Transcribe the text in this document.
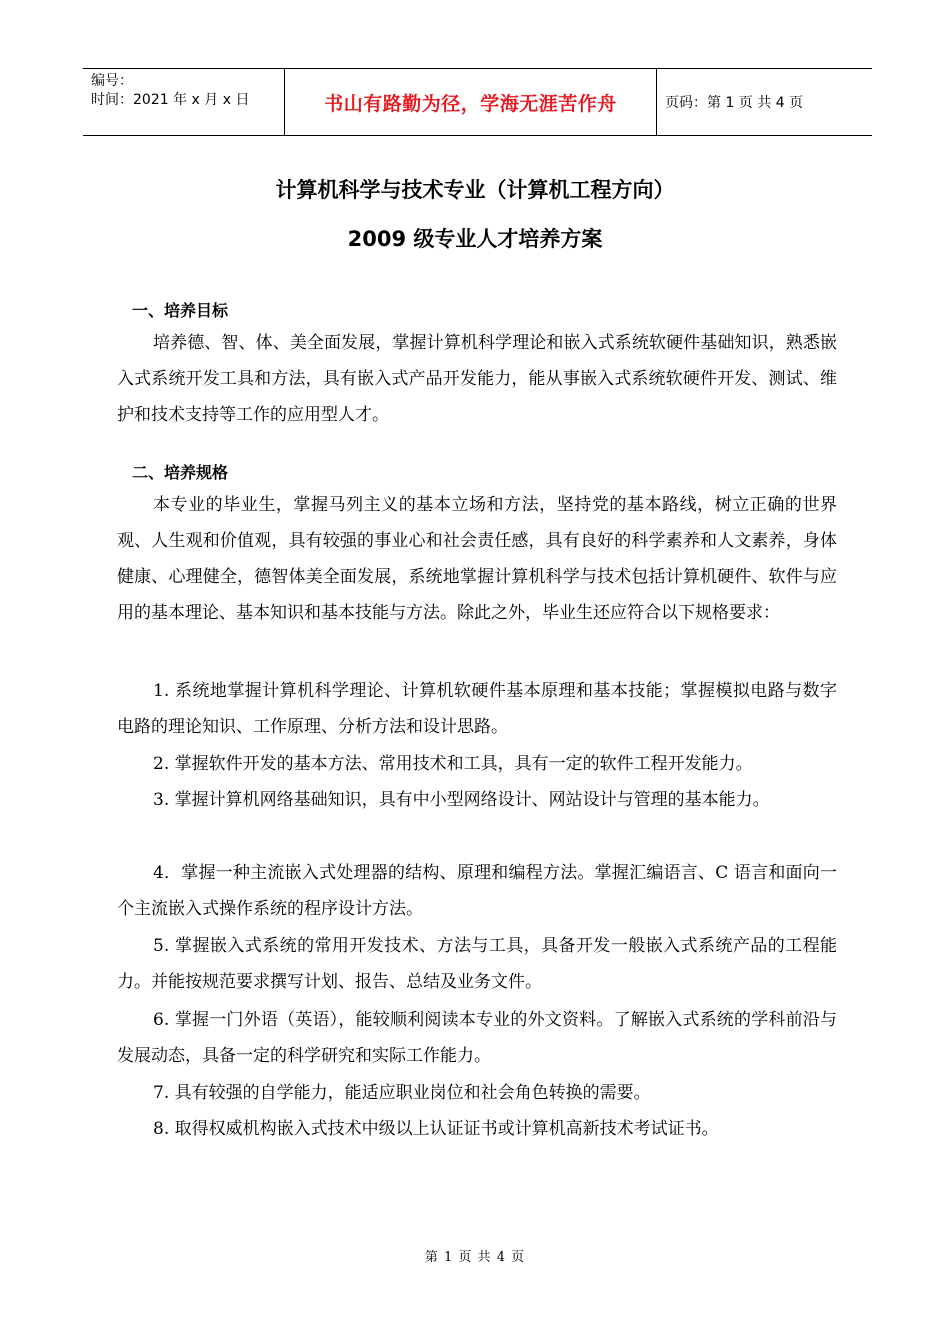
编号：
时间：2021 年 x 月 x 日	书山有路勤为径，学海无涯苦作舟	页码：第 1 页 共 4 页
计算机科学与技术专业（计算机工程方向）
2009 级专业人才培养方案
一、培养目标

培养德、智、体、美全面发展，掌握计算机科学理论和嵌入式系统软硬件基础知识，熟悉嵌入式系统开发工具和方法，具有嵌入式产品开发能力，能从事嵌入式系统软硬件开发、测试、维护和技术支持等工作的应用型人才。

二、培养规格

本专业的毕业生，掌握马列主义的基本立场和方法，坚持党的基本路线，树立正确的世界观、人生观和价值观，具有较强的事业心和社会责任感，具有良好的科学素养和人文素养，身体健康、心理健全，德智体美全面发展，系统地掌握计算机科学与技术包括计算机硬件、软件与应用的基本理论、基本知识和基本技能与方法。除此之外，毕业生还应符合以下规格要求：

1. 系统地掌握计算机科学理论、计算机软硬件基本原理和基本技能；掌握模拟电路与数字电路的理论知识、工作原理、分析方法和设计思路。

2. 掌握软件开发的基本方法、常用技术和工具，具有一定的软件工程开发能力。

3. 掌握计算机网络基础知识，具有中小型网络设计、网站设计与管理的基本能力。

4．掌握一种主流嵌入式处理器的结构、原理和编程方法。掌握汇编语言、C 语言和面向一个主流嵌入式操作系统的程序设计方法。

5. 掌握嵌入式系统的常用开发技术、方法与工具，具备开发一般嵌入式系统产品的工程能力。并能按规范要求撰写计划、报告、总结及业务文件。

6. 掌握一门外语（英语），能较顺利阅读本专业的外文资料。了解嵌入式系统的学科前沿与发展动态，具备一定的科学研究和实际工作能力。

7. 具有较强的自学能力，能适应职业岗位和社会角色转换的需要。

8. 取得权威机构嵌入式技术中级以上认证证书或计算机高新技术考试证书。

第 1 页 共 4 页
